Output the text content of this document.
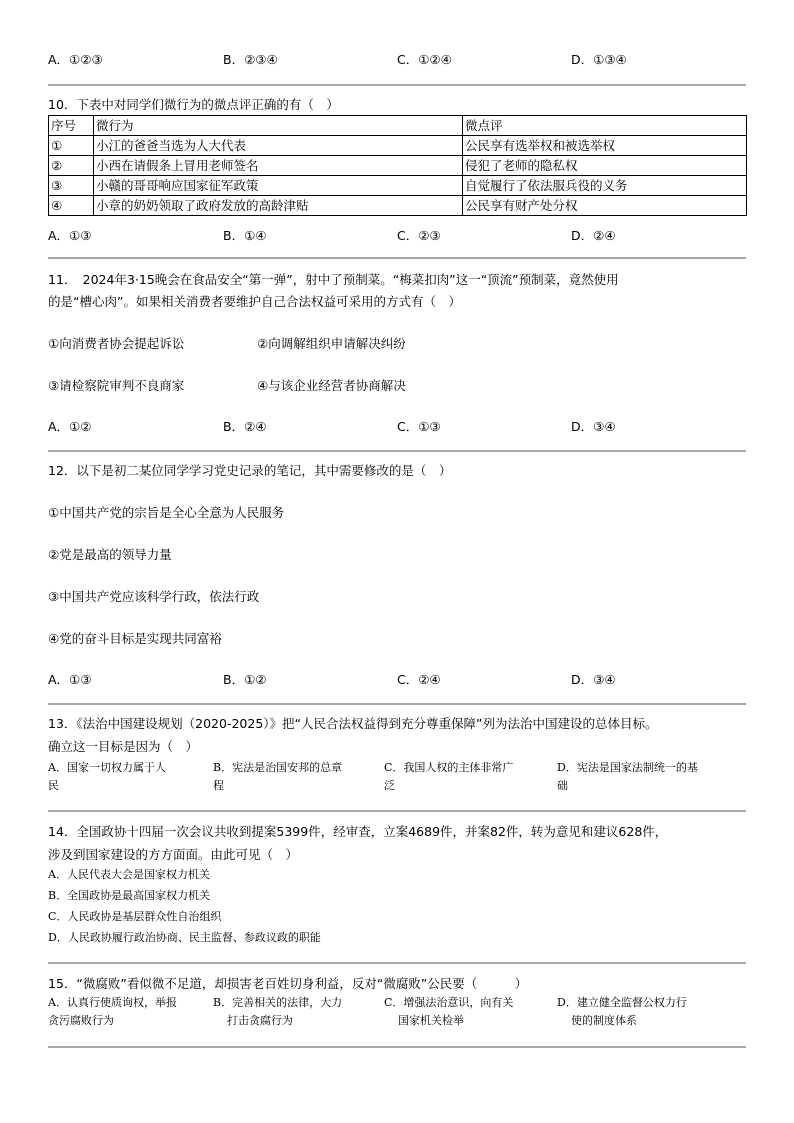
A．①②③	B．②③④	C．①②④	D．①③④
10．下表中对同学们微行为的微点评正确的有（　）
序号	微行为	微点评
①	小江的爸爸当选为人大代表	公民享有选举权和被选举权
②	小西在请假条上冒用老师签名	侵犯了老师的隐私权
③	小赣的哥哥响应国家征军政策	自觉履行了依法服兵役的义务
④	小章的奶奶领取了政府发放的高龄津贴	公民享有财产处分权
A．①③	B．①④	C．②③	D．②④
11．　2024年3·15晚会在食品安全“第一弹”，射中了预制菜。“梅菜扣肉”这一“顶流”预制菜，竟然使用
的是“槽心肉”。如果相关消费者要维护自己合法权益可采用的方式有（　）
①向消费者协会提起诉讼	②向调解组织申请解决纠纷
③请检察院审判不良商家	④与该企业经营者协商解决
A．①②	B．②④	C．①③	D．③④
12．以下是初二某位同学学习党史记录的笔记，其中需要修改的是（　）
①中国共产党的宗旨是全心全意为人民服务
②党是最高的领导力量
③中国共产党应该科学行政，依法行政
④党的奋斗目标是实现共同富裕
A．①③	B．①②	C．②④	D．③④
13．《法治中国建设规划（2020-2025）》把“人民合法权益得到充分尊重保障”列为法治中国建设的总体目标。
确立这一目标是因为（　）
A．国家一切权力属于人
民
B．宪法是治国安邦的总章
程
C．我国人权的主体非常广
泛
D．宪法是国家法制统一的基
础
14．全国政协十四届一次会议共收到提案5399件，经审查，立案4689件，并案82件，转为意见和建议628件，
涉及到国家建设的方方面面。由此可见（　）
A．人民代表大会是国家权力机关
B．全国政协是最高国家权力机关
C．人民政协是基层群众性自治组织
D．人民政协履行政治协商、民主监督、参政议政的职能
15．“微腐败”看似微不足道，却损害老百姓切身利益，反对“微腐败”公民要（　　　）
A．认真行使质询权，举报
贪污腐败行为
B．完善相关的法律，大力
打击贪腐行为
C．增强法治意识，向有关
国家机关检举
D．建立健全监督公权力行
使的制度体系
